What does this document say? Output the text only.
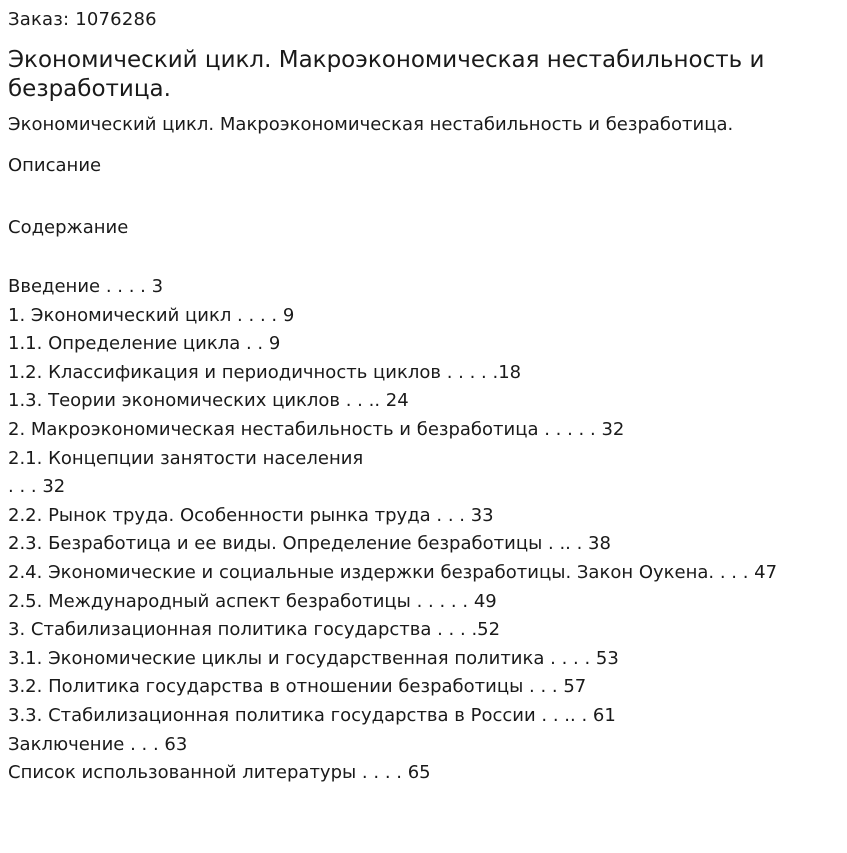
Заказ: 1076286
Экономический цикл. Макроэкономическая нестабильность и безработица.
Экономический цикл. Макроэкономическая нестабильность и безработица.
Описание
Содержание
Введение . . . . 3
1. Экономический цикл . . . . 9
1.1. Определение цикла . . 9
1.2. Классификация и периодичность циклов . . . . .18
1.3. Теории экономических циклов . . .. 24
2. Макроэкономическая нестабильность и безработица . . . . . 32
2.1. Концепции занятости населения
. . . 32
2.2. Рынок труда. Особенности рынка труда . . . 33
2.3. Безработица и ее виды. Определение безработицы . .. . 38
2.4. Экономические и социальные издержки безработицы. Закон Оукена. . . . 47
2.5. Международный аспект безработицы . . . . . 49
3. Стабилизационная политика государства . . . .52
3.1. Экономические циклы и государственная политика . . . . 53
3.2. Политика государства в отношении безработицы . . . 57
3.3. Стабилизационная политика государства в России . . .. . 61
Заключение . . . 63
Список использованной литературы . . . . 65
